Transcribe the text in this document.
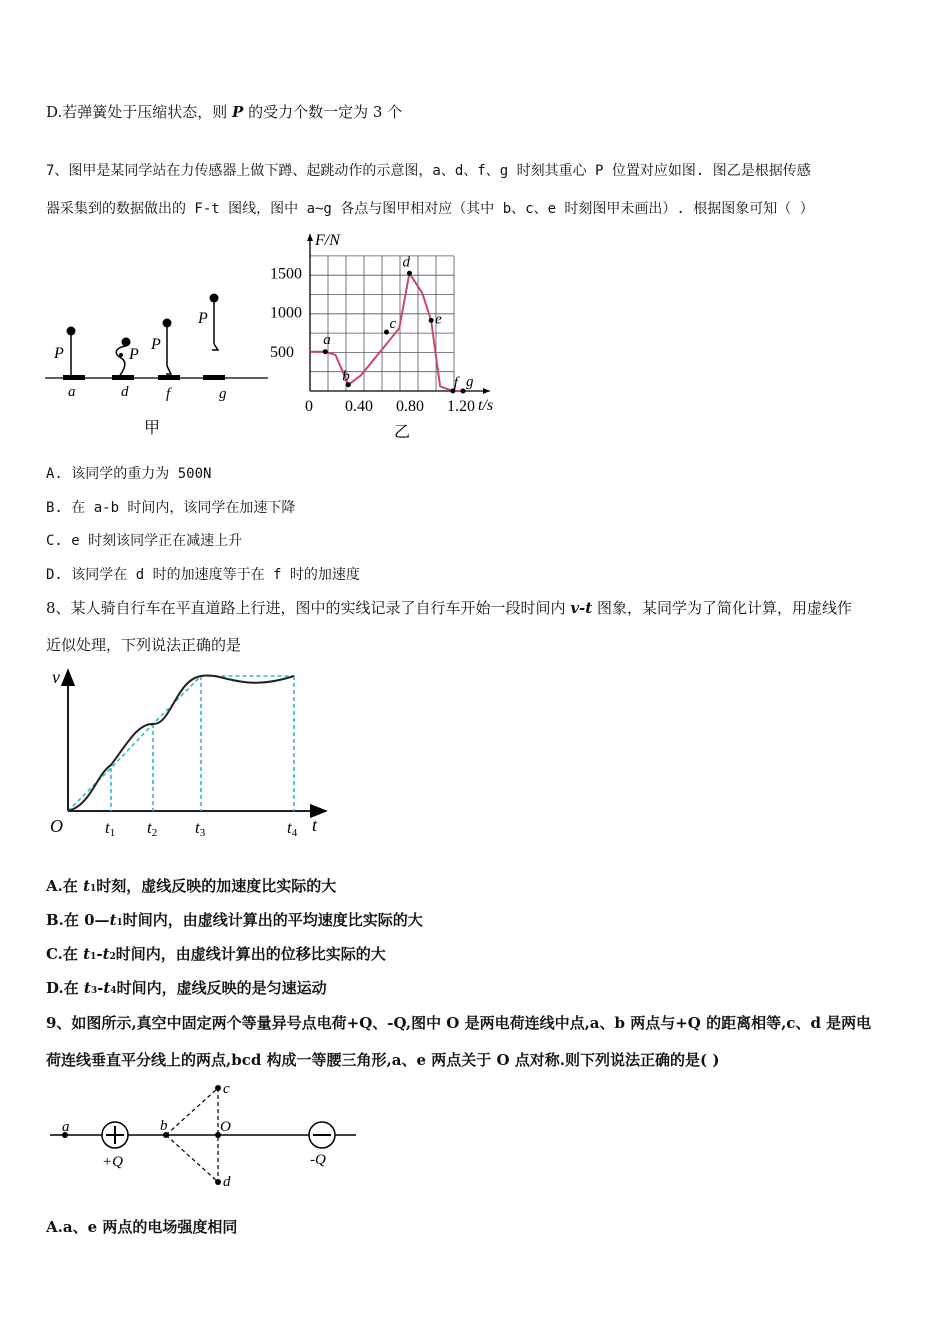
D.若弹簧处于压缩状态，则 P 的受力个数一定为 3 个
7、图甲是某同学站在力传感器上做下蹲、起跳动作的示意图，a、d、f、g 时刻其重心 P 位置对应如图. 图乙是根据传感
器采集到的数据做出的 F-t 图线，图中 a~g 各点与图甲相对应（其中 b、c、e 时刻图甲未画出）. 根据图象可知（ ）
P	P
P
P
a	d	f	g
甲
1500
1000
500
0 0.40 0.80 1.20
a
b
c
d
e
f g
F/N
t/s
乙
A. 该同学的重力为 500N
B. 在 a-b 时间内，该同学在加速下降
C. e 时刻该同学正在减速上升
D. 该同学在 d 时的加速度等于在 f 时的加速度
8、某人骑自行车在平直道路上行进，图中的实线记录了自行车开始一段时间内 v-t 图象，某同学为了简化计算，用虚线作
近似处理，下列说法正确的是
v
t
O t1 t2 t3	t4
A.在 t1时刻，虚线反映的加速度比实际的大
B.在 0—t1时间内，由虚线计算出的平均速度比实际的大
C.在 t1-t2时间内，由虚线计算出的位移比实际的大
D.在 t3-t4时间内，虚线反映的是匀速运动
9、如图所示,真空中固定两个等量异号点电荷+Q、-Q,图中 O 是两电荷连线中点,a、b 两点与+Q 的距离相等,c、d 是两电
荷连线垂直平分线上的两点,bcd 构成一等腰三角形,a、e 两点关于 O 点对称.则下列说法正确的是( )
a	b
c
d
O
+Q	-Q
A.a、e 两点的电场强度相同
